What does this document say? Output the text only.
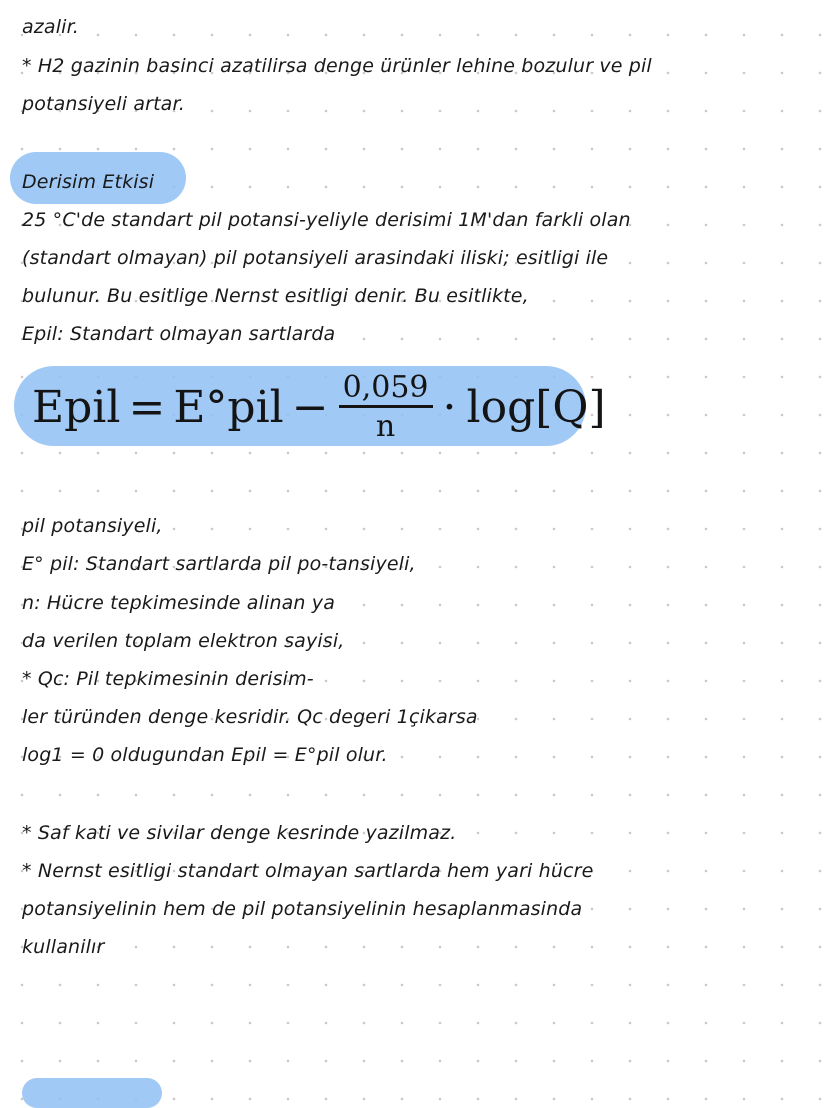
azalir.
* H2 gazinin basinci azatilirsa denge ürünler lehine bozulur ve pil
potansiyeli artar.
Derisim Etkisi
25 °C'de standart pil potansi-yeliyle derisimi 1M'dan farkli olan
(standart olmayan) pil potansiyeli arasindaki iliski; esitligi ile
bulunur. Bu esitlige Nernst esitligi denir. Bu esitlikte,
Epil: Standart olmayan sartlarda
Epil = $E^\circ pil - \frac{0,059}{n} \cdot \log[Q]$
pil potansiyeli,
E° pil: Standart sartlarda pil po-tansiyeli,
n: Hücre tepkimesinde alinan ya
da verilen toplam elektron sayisi,
* Qc: Pil tepkimesinin derisim-
ler türünden denge kesridir. Qc degeri 1çikarsa
log1 = 0 oldugundan Epil = E°pil olur.
* Saf kati ve sivilar denge kesrinde yazilmaz.
* Nernst esitligi standart olmayan sartlarda hem yari hücre
potansiyelinin hem de pil potansiyelinin hesaplanmasinda
kullanilır
